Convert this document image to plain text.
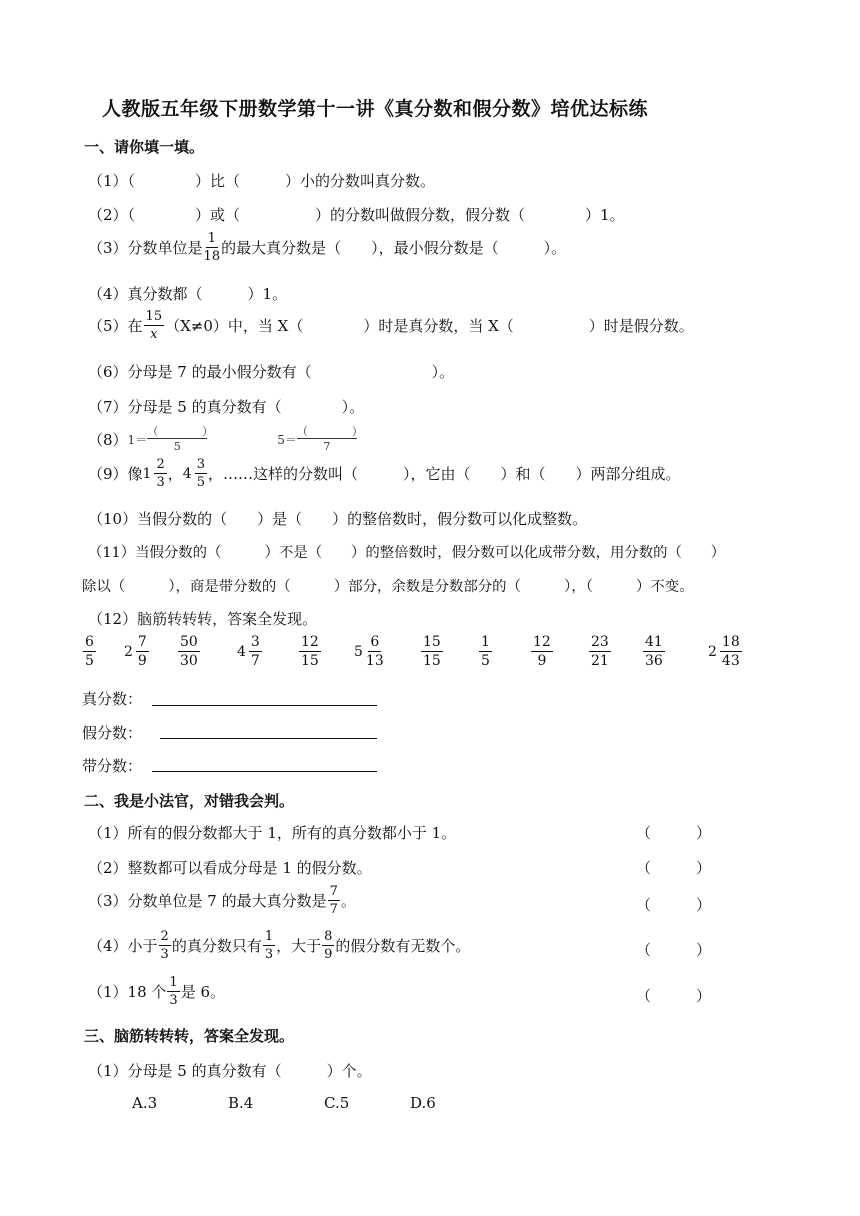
人教版五年级下册数学第十一讲《真分数和假分数》培优达标练
一、请你填一填。
（1）（　　　　）比（　　　）小的分数叫真分数。
（2）（　　　　）或（　　　　　）的分数叫做假分数，假分数（　　　　）1。
（3）分数单位是 $\frac{1}{18}$ 的最大真分数是（　　），最小假分数是（　　　）。
（4）真分数都（　　　）1。
（5）在 $\frac{15}{x} (X\ne 0)$中，当 X（　　　　）时是真分数，当 X（　　　　　）时是假分数。
（6）分母是 7 的最小假分数有（　　　　　　　　）。
（7）分母是 5 的真分数有（　　　　）。
（8） $1= \frac{( )}{5}$	$5= \frac{( )}{7}$
（9）像 $1 \frac{2}{3}$ ， $4 \frac{3}{5}$ ，……这样的分数叫（　　　），它由（　　）和（　　）两部分组成。
（10）当假分数的（　　）是（　　）的整倍数时，假分数可以化成整数。
（11）当假分数的（　　　）不是（　　）的整倍数时，假分数可以化成带分数，用分数的（　　）
除以（　　　），商是带分数的（　　　）部分，余数是分数部分的（　　　），（　　　）不变。
（12）脑筋转转转，答案全发现。
$\frac{6}{5} 2 \frac{7}{9} \frac{50}{30}$	$4 \frac{3}{7}$	$\frac{12}{15} 5 \frac{6}{13}$	$\frac{15}{15}$	$\frac{1}{5}$	$\frac{12}{9}$	$\frac{23}{21} \frac{41}{36}$	$2 \frac{18}{43}$
真分数：
假分数：
带分数：
二、我是小法官，对错我会判。
（1）所有的假分数都大于 1，所有的真分数都小于 1。	（　　　）
（2）整数都可以看成分母是 1 的假分数。	（　　　）
（3）分数单位是 7 的最大真分数是 $\frac{7}{7}$ 。	（　　　）
（4）小于 $\frac{2}{3}$ 的真分数只有 $\frac{1}{3}$ ，大于 $\frac{8}{9}$ 的假分数有无数个。	（　　　）
（1）18 个 $\frac{1}{3}$ 是 6。	（　　　）
三、脑筋转转转，答案全发现。
（1）分母是 5 的真分数有（　　　）个。
A.3	B.4	C.5	D.6
